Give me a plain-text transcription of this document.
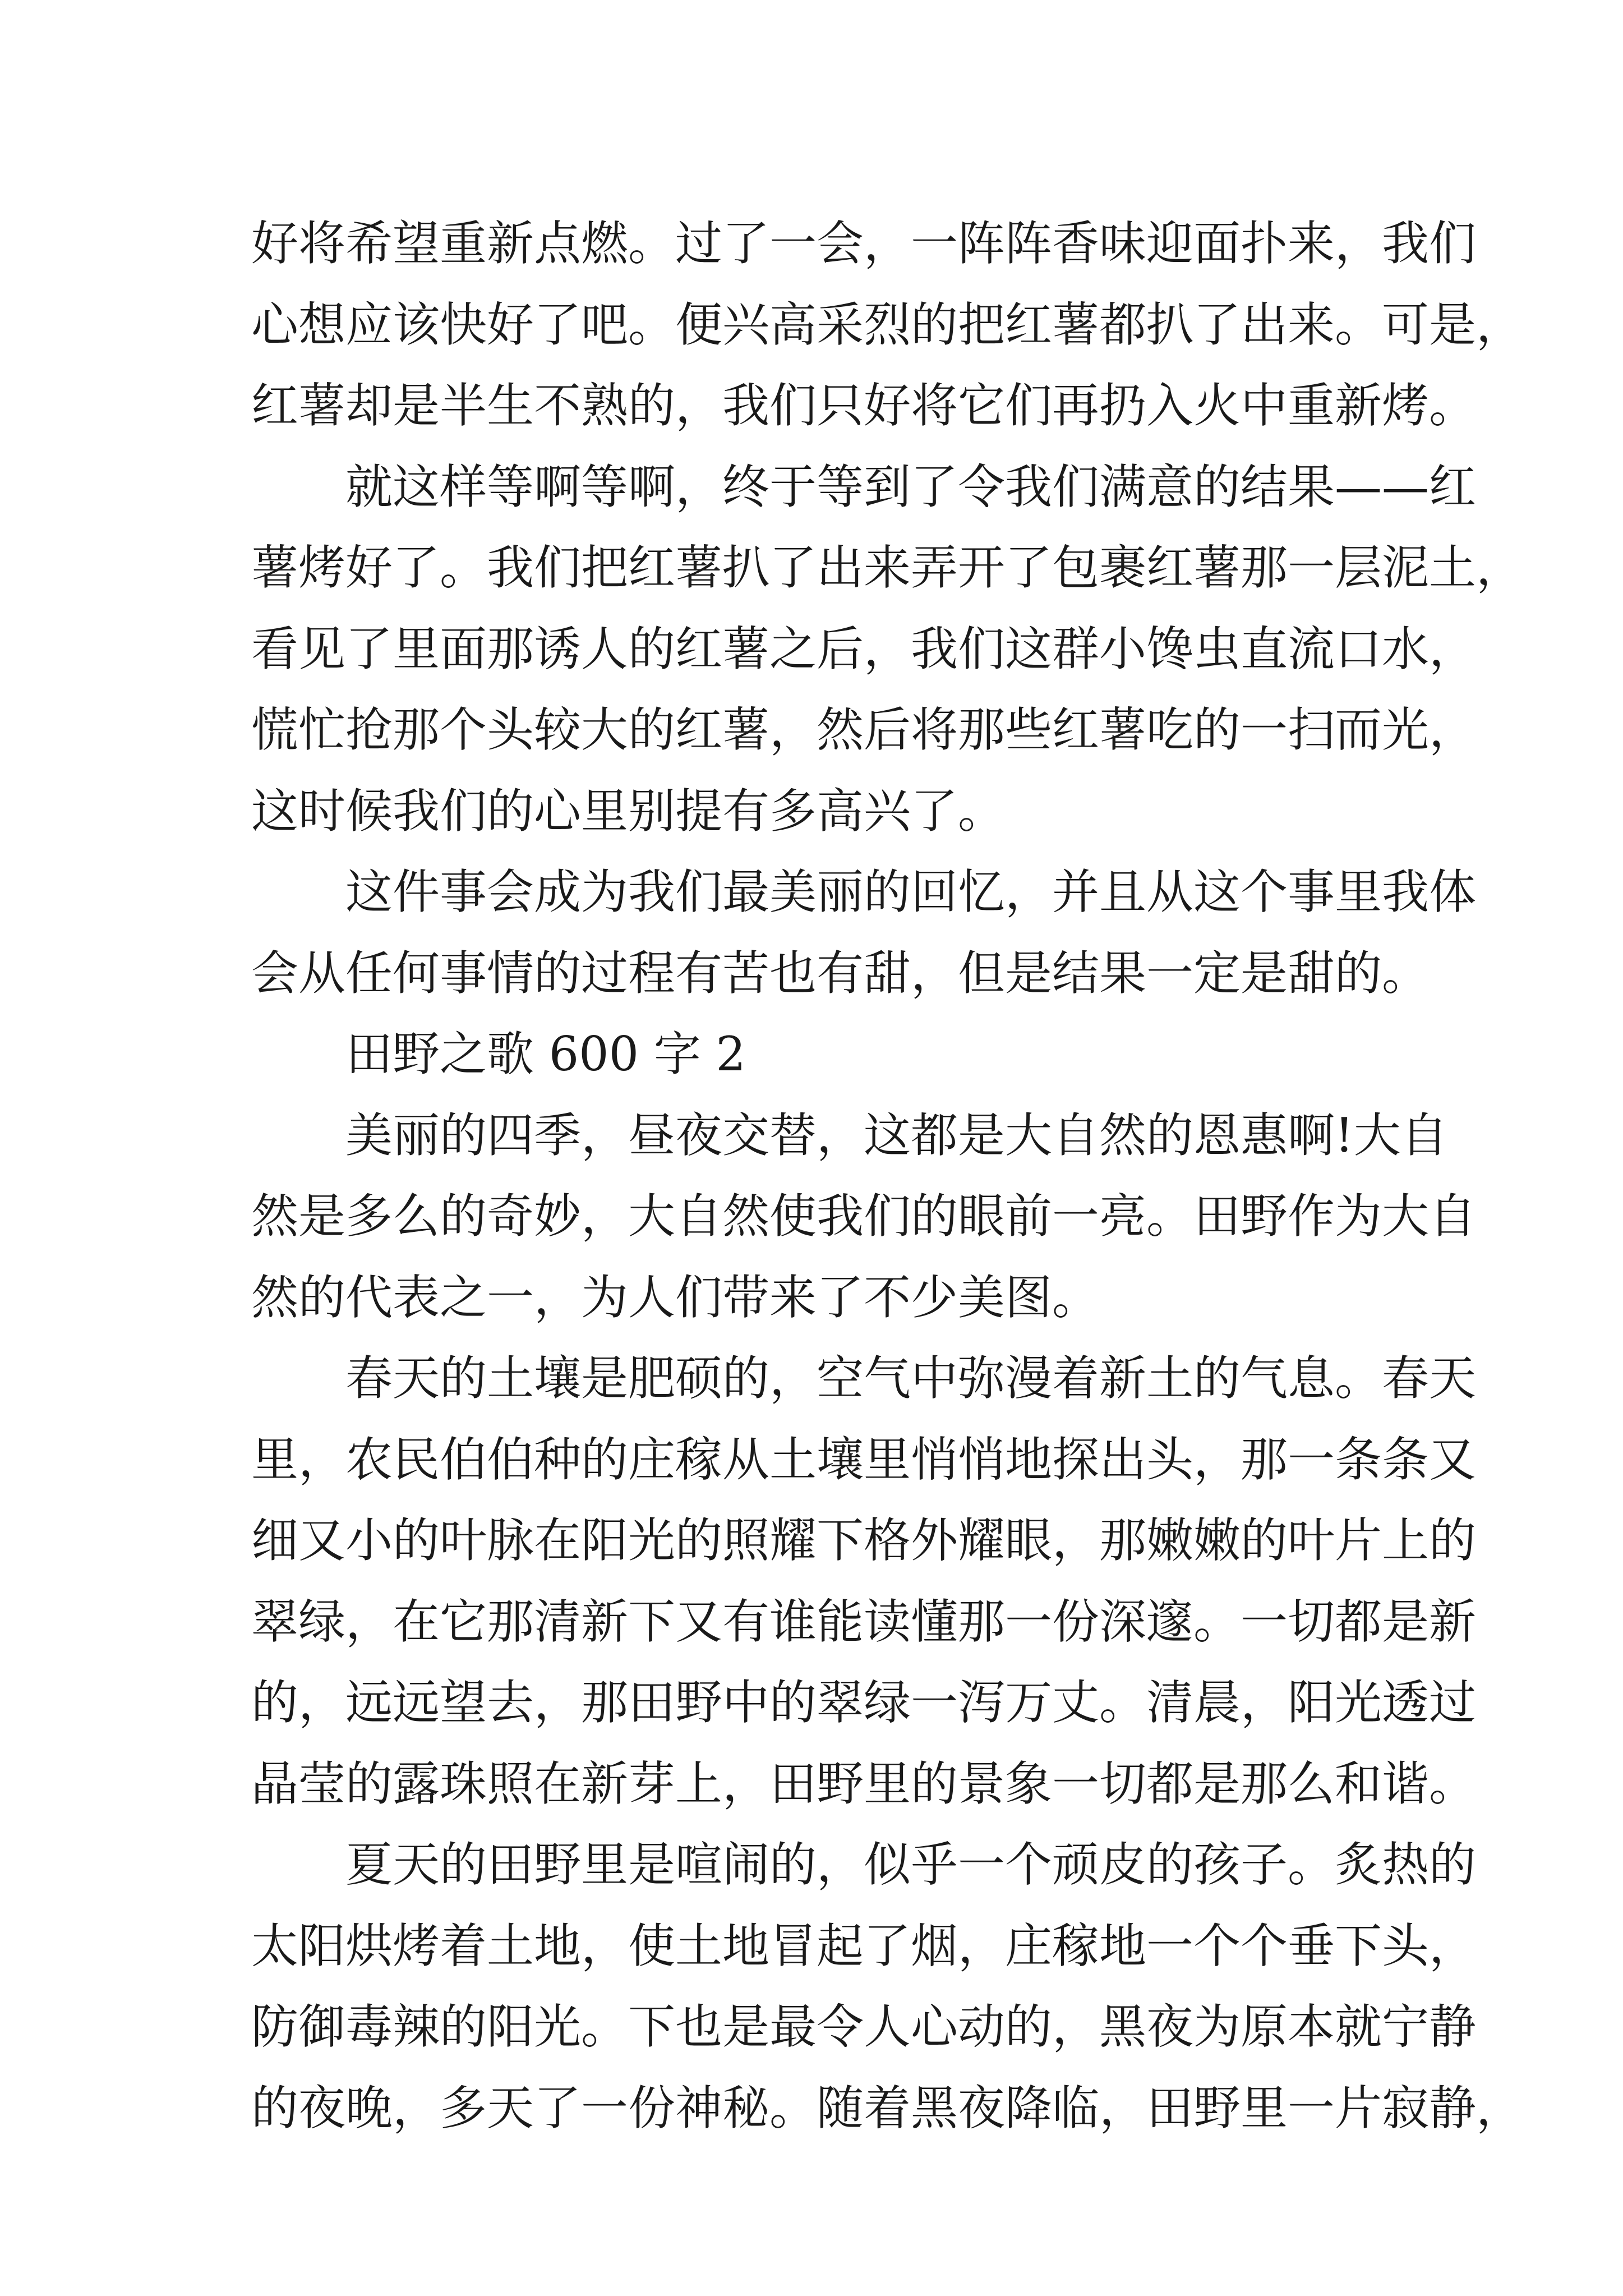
好将希望重新点燃。过了一会，一阵阵香味迎面扑来，我们
心想应该快好了吧。便兴高采烈的把红薯都扒了出来。可是，
红薯却是半生不熟的，我们只好将它们再扔入火中重新烤。
就这样等啊等啊，终于等到了令我们满意的结果——红
薯烤好了。我们把红薯扒了出来弄开了包裹红薯那一层泥土，
看见了里面那诱人的红薯之后，我们这群小馋虫直流口水，
慌忙抢那个头较大的红薯，然后将那些红薯吃的一扫而光，
这时候我们的心里别提有多高兴了。
这件事会成为我们最美丽的回忆，并且从这个事里我体
会从任何事情的过程有苦也有甜，但是结果一定是甜的。
田野之歌 600 字 2
美丽的四季，昼夜交替，这都是大自然的恩惠啊!大自
然是多么的奇妙，大自然使我们的眼前一亮。田野作为大自
然的代表之一，为人们带来了不少美图。
春天的土壤是肥硕的，空气中弥漫着新土的气息。春天
里，农民伯伯种的庄稼从土壤里悄悄地探出头，那一条条又
细又小的叶脉在阳光的照耀下格外耀眼，那嫩嫩的叶片上的
翠绿，在它那清新下又有谁能读懂那一份深邃。一切都是新
的，远远望去，那田野中的翠绿一泻万丈。清晨，阳光透过
晶莹的露珠照在新芽上，田野里的景象一切都是那么和谐。
夏天的田野里是喧闹的，似乎一个顽皮的孩子。炙热的
太阳烘烤着土地，使土地冒起了烟，庄稼地一个个垂下头，
防御毒辣的阳光。下也是最令人心动的，黑夜为原本就宁静
的夜晚，多天了一份神秘。随着黑夜降临，田野里一片寂静，
